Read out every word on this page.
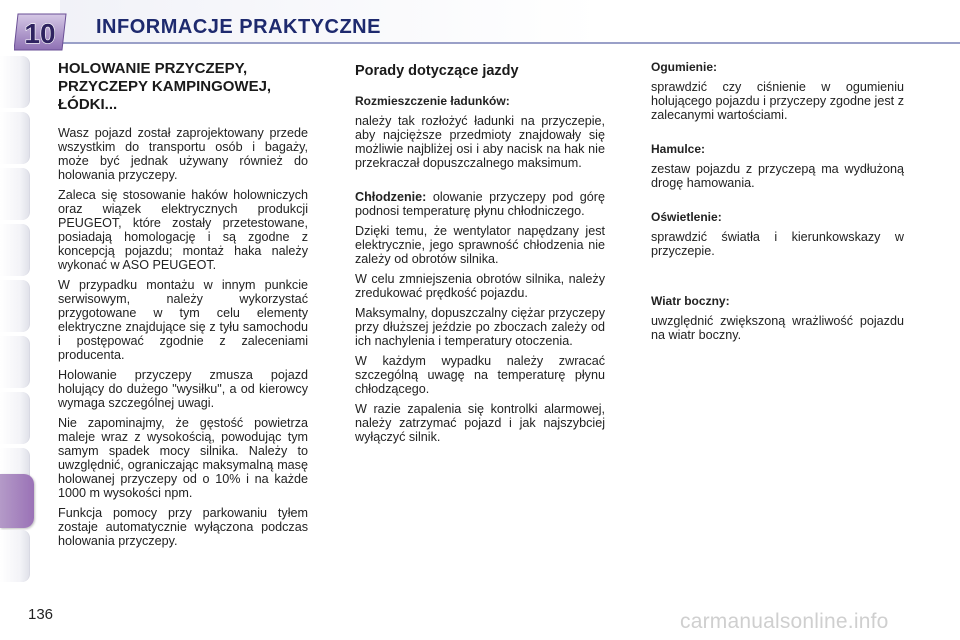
10 INFORMACJE PRAKTYCZNE
HOLOWANIE PRZYCZEPY, PRZYCZEPY KAMPINGOWEJ, ŁÓDKI...

Wasz pojazd został zaprojektowany przede wszystkim do transportu osób i bagaży, może być jednak używany również do holowania przyczepy.

Zaleca się stosowanie haków holowniczych oraz wiązek elektrycznych produkcji PEUGEOT, które zostały przetestowane, posiadają homologację i są zgodne z koncepcją pojazdu; montaż haka należy wykonać w ASO PEUGEOT.

W przypadku montażu w innym punkcie serwisowym, należy wykorzystać przygotowane w tym celu elementy elektryczne znajdujące się z tyłu samochodu i postępować zgodnie z zaleceniami producenta.

Holowanie przyczepy zmusza pojazd holujący do dużego "wysiłku", a od kierowcy wymaga szczególnej uwagi.

Nie zapominajmy, że gęstość powietrza maleje wraz z wysokością, powodując tym samym spadek mocy silnika. Należy to uwzględnić, ograniczając maksymalną masę holowanej przyczepy od o 10% i na każde 1000 m wysokości npm.

Funkcja pomocy przy parkowaniu tyłem zostaje automatycznie wyłączona podczas holowania przyczepy.

Porady dotyczące jazdy
Rozmieszczenie ładunków:

należy tak rozłożyć ładunki na przyczepie, aby najcięższe przedmioty znajdowały się możliwie najbliżej osi i aby nacisk na hak nie przekraczał dopuszczalnego maksimum.

Chłodzenie: olowanie przyczepy pod górę podnosi temperaturę płynu chłodniczego.

Dzięki temu, że wentylator napędzany jest elektrycznie, jego sprawność chłodzenia nie zależy od obrotów silnika.

W celu zmniejszenia obrotów silnika, należy zredukować prędkość pojazdu.

Maksymalny, dopuszczalny ciężar przyczepy przy dłuższej jeździe po zboczach zależy od ich nachylenia i temperatury otoczenia.

W każdym wypadku należy zwracać szczególną uwagę na temperaturę płynu chłodzącego.

W razie zapalenia się kontrolki alarmowej, należy zatrzymać pojazd i jak najszybciej wyłączyć silnik.

Ogumienie:

sprawdzić czy ciśnienie w ogumieniu holującego pojazdu i przyczepy zgodne jest z zalecanymi wartościami.

Hamulce:

zestaw pojazdu z przyczepą ma wydłużoną drogę hamowania.

Oświetlenie:

sprawdzić światła i kierunkowskazy w przyczepie.

Wiatr boczny:

uwzględnić zwiększoną wrażliwość pojazdu na wiatr boczny.

136	carmanualsonline.info
